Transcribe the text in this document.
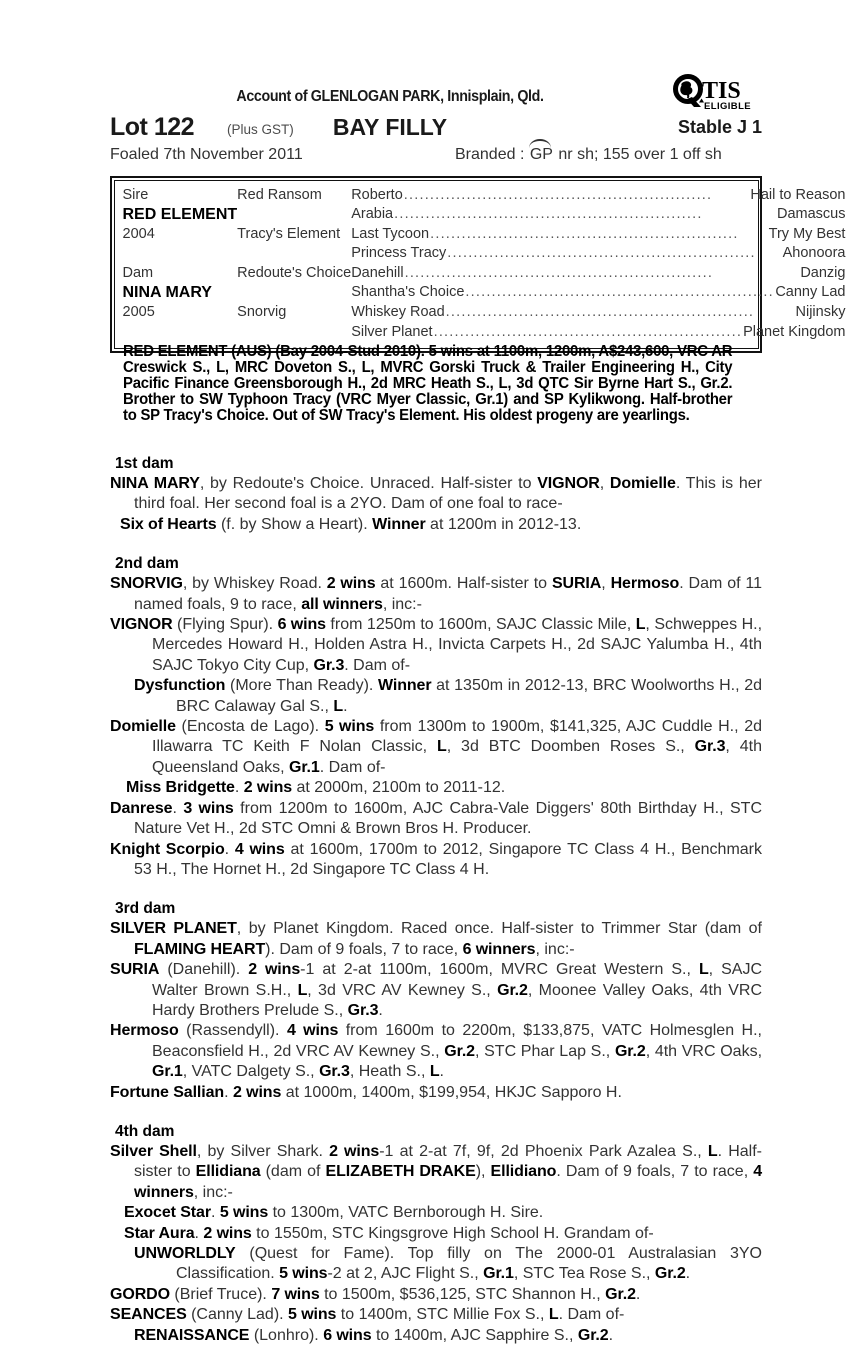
Account of GLENLOGAN PARK, Innisplain, Qld.	TIS
ELIGIBLE
Lot 122 (Plus GST)	BAY FILLY	Stable J 1
Foaled 7th November 2011	Branded :
GP nr sh; 155 over 1 off sh
Sire	Red Ransom	Roberto ........................................................... Hail to Reason

RED ELEMENT		Arabia ........................................................... Damascus

2004	Tracy's Element	Last Tycoon ........................................................... Try My Best

		Princess Tracy ........................................................... Ahonoora

Dam	Redoute's Choice	Danehill ........................................................... Danzig

NINA MARY		Shantha's Choice ........................................................... Canny Lad

2005	Snorvig	Whiskey Road ........................................................... Nijinsky

		Silver Planet ........................................................... Planet Kingdom
RED ELEMENT (AUS) (Bay 2004-Stud 2010). 5 wins at 1100m, 1200m, A$243,600, VRC AR Creswick S., L, MRC Doveton S., L, MVRC Gorski Truck & Trailer Engineering H., City Pacific Finance Greensborough H., 2d MRC Heath S., L, 3d QTC Sir Byrne Hart S., Gr.2. Brother to SW Typhoon Tracy (VRC Myer Classic, Gr.1) and SP Kylikwong. Half-brother to SP Tracy's Choice. Out of SW Tracy's Element. His oldest progeny are yearlings.
1st dam

NINA MARY, by Redoute's Choice. Unraced. Half-sister to VIGNOR, Domielle. This is her third foal. Her second foal is a 2YO. Dam of one foal to race-

Six of Hearts (f. by Show a Heart). Winner at 1200m in 2012-13.

2nd dam

SNORVIG, by Whiskey Road. 2 wins at 1600m. Half-sister to SURIA, Hermoso. Dam of 11 named foals, 9 to race, all winners, inc:-

VIGNOR (Flying Spur). 6 wins from 1250m to 1600m, SAJC Classic Mile, L, Schweppes H., Mercedes Howard H., Holden Astra H., Invicta Carpets H., 2d SAJC Yalumba H., 4th SAJC Tokyo City Cup, Gr.3. Dam of-

Dysfunction (More Than Ready). Winner at 1350m in 2012-13, BRC Woolworths H., 2d BRC Calaway Gal S., L.

Domielle (Encosta de Lago). 5 wins from 1300m to 1900m, $141,325, AJC Cuddle H., 2d Illawarra TC Keith F Nolan Classic, L, 3d BTC Doomben Roses S., Gr.3, 4th Queensland Oaks, Gr.1. Dam of-

Miss Bridgette. 2 wins at 2000m, 2100m to 2011-12.

Danrese. 3 wins from 1200m to 1600m, AJC Cabra-Vale Diggers' 80th Birthday H., STC Nature Vet H., 2d STC Omni & Brown Bros H. Producer.

Knight Scorpio. 4 wins at 1600m, 1700m to 2012, Singapore TC Class 4 H., Benchmark 53 H., The Hornet H., 2d Singapore TC Class 4 H.

3rd dam

SILVER PLANET, by Planet Kingdom. Raced once. Half-sister to Trimmer Star (dam of FLAMING HEART). Dam of 9 foals, 7 to race, 6 winners, inc:-

SURIA (Danehill). 2 wins-1 at 2-at 1100m, 1600m, MVRC Great Western S., L, SAJC Walter Brown S.H., L, 3d VRC AV Kewney S., Gr.2, Moonee Valley Oaks, 4th VRC Hardy Brothers Prelude S., Gr.3.

Hermoso (Rassendyll). 4 wins from 1600m to 2200m, $133,875, VATC Holmesglen H., Beaconsfield H., 2d VRC AV Kewney S., Gr.2, STC Phar Lap S., Gr.2, 4th VRC Oaks, Gr.1, VATC Dalgety S., Gr.3, Heath S., L.

Fortune Sallian. 2 wins at 1000m, 1400m, $199,954, HKJC Sapporo H.

4th dam

Silver Shell, by Silver Shark. 2 wins-1 at 2-at 7f, 9f, 2d Phoenix Park Azalea S., L. Half-sister to Ellidiana (dam of ELIZABETH DRAKE), Ellidiano. Dam of 9 foals, 7 to race, 4 winners, inc:-

Exocet Star. 5 wins to 1300m, VATC Bernborough H. Sire.

Star Aura. 2 wins to 1550m, STC Kingsgrove High School H. Grandam of-

UNWORLDLY (Quest for Fame). Top filly on The 2000-01 Australasian 3YO Classification. 5 wins-2 at 2, AJC Flight S., Gr.1, STC Tea Rose S., Gr.2.

GORDO (Brief Truce). 7 wins to 1500m, $536,125, STC Shannon H., Gr.2.

SEANCES (Canny Lad). 5 wins to 1400m, STC Millie Fox S., L. Dam of-

RENAISSANCE (Lonhro). 6 wins to 1400m, AJC Sapphire S., Gr.2.
